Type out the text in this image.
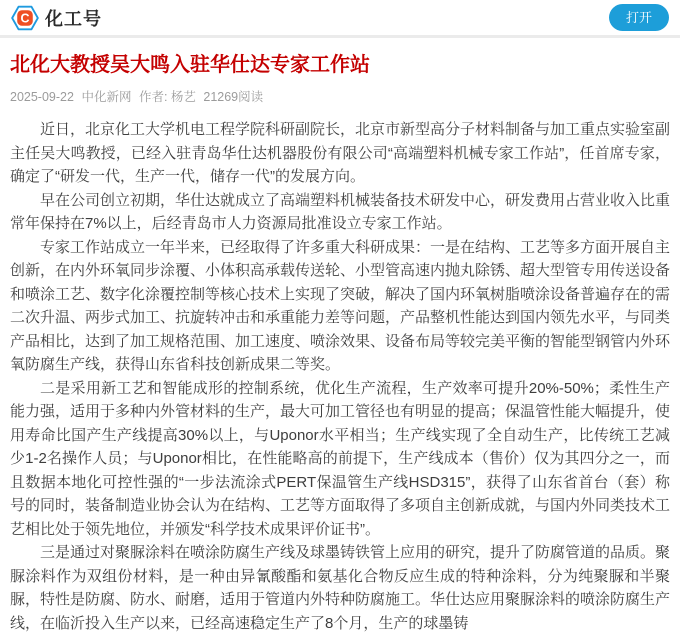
C 化工号	打开
北化大教授吴大鸣入驻华仕达专家工作站
2025-09-22 中化新网 作者: 杨艺 21269阅读

近日，北京化工大学机电工程学院科研副院长，北京市新型高分子材料制备与加工重点实验室副主任吴大鸣教授，已经入驻青岛华仕达机器股份有限公司“高端塑料机械专家工作站”，任首席专家，确定了“研发一代，生产一代，储存一代”的发展方向。

早在公司创立初期，华仕达就成立了高端塑料机械装备技术研发中心，研发费用占营业收入比重常年保持在7%以上，后经青岛市人力资源局批准设立专家工作站。

专家工作站成立一年半来，已经取得了许多重大科研成果：一是在结构、工艺等多方面开展自主创新，在内外环氧同步涂覆、小体积高承载传送轮、小型管高速内抛丸除锈、超大型管专用传送设备和喷涂工艺、数字化涂覆控制等核心技术上实现了突破，解决了国内环氧树脂喷涂设备普遍存在的需二次升温、两步式加工、抗旋转冲击和承重能力差等问题，产品整机性能达到国内领先水平，与同类产品相比，达到了加工规格范围、加工速度、喷涂效果、设备布局等较完美平衡的智能型钢管内外环氧防腐生产线，获得山东省科技创新成果二等奖。

二是采用新工艺和智能成形的控制系统，优化生产流程，生产效率可提升20%-50%；柔性生产能力强，适用于多种内外管材料的生产，最大可加工管径也有明显的提高；保温管性能大幅提升，使用寿命比国产生产线提高30%以上，与Uponor水平相当；生产线实现了全自动生产，比传统工艺减少1-2名操作人员；与Uponor相比，在性能略高的前提下，生产线成本（售价）仅为其四分之一，而且数据本地化可控性强的“一步法流涂式PERT保温管生产线HSD315”，获得了山东省首台（套）称号的同时，装备制造业协会认为在结构、工艺等方面取得了多项自主创新成就，与国内外同类技术工艺相比处于领先地位，并颁发“科学技术成果评价证书”。

三是通过对聚脲涂料在喷涂防腐生产线及球墨铸铁管上应用的研究，提升了防腐管道的品质。聚脲涂料作为双组份材料，是一种由异氰酸酯和氨基化合物反应生成的特种涂料，分为纯聚脲和半聚脲，特性是防腐、防水、耐磨，适用于管道内外特种防腐施工。华仕达应用聚脲涂料的喷涂防腐生产线，在临沂投入生产以来，已经高速稳定生产了8个月，生产的球墨铸
